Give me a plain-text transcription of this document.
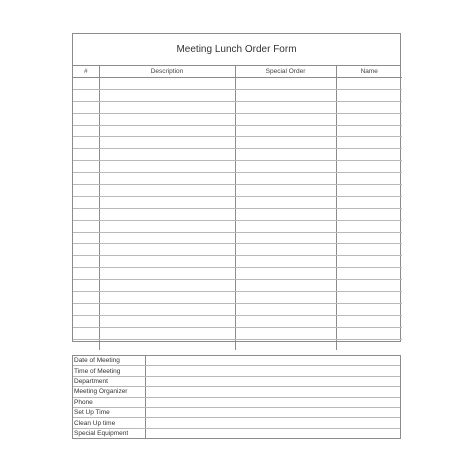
Meeting Lunch Order Form
#	Description	Special Order	Name

Date of Meeting	
Time of Meeting	
Department	
Meeting Organizer	
Phone	
Set Up Time	
Clean Up time	
Special Equipment	
